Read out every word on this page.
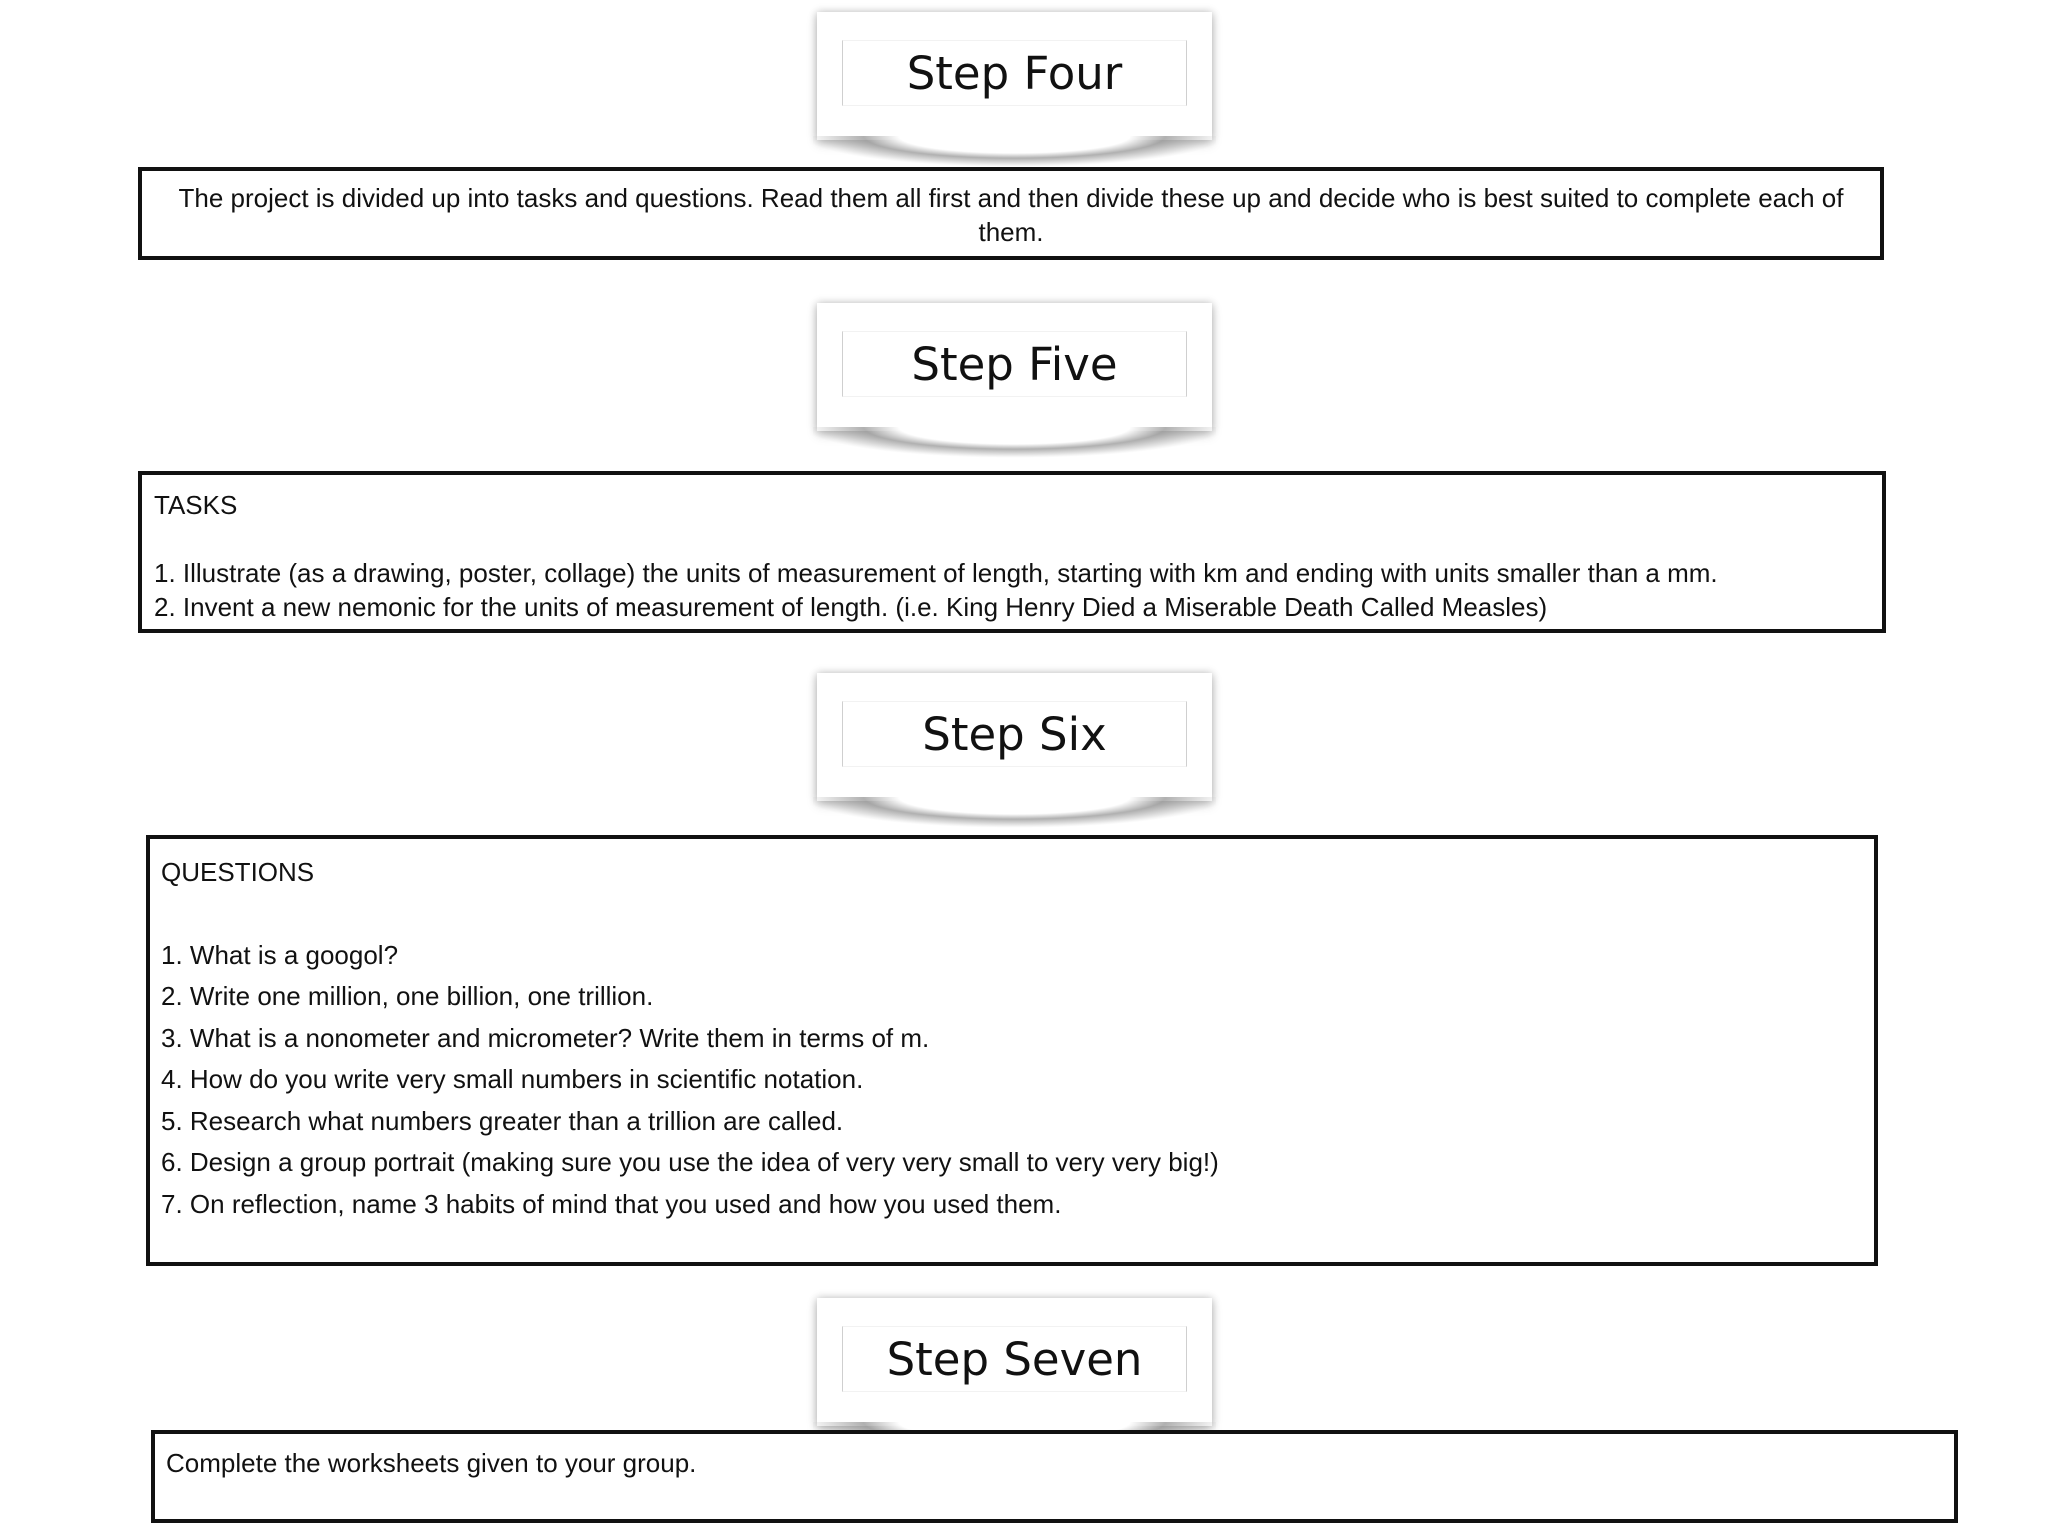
Step Four

The project is divided up into tasks and questions. Read them all first and then divide these up and decide who is best suited to complete each of them.

Step Five
TASKS
1. Illustrate (as a drawing, poster, collage) the units of measurement of length, starting with km and ending with units smaller than a mm.
2. Invent a new nemonic for the units of measurement of length. (i.e. King Henry Died a Miserable Death Called Measles)
Step Six
QUESTIONS
1. What is a googol?
2. Write one million, one billion, one trillion.
3. What is a nonometer and micrometer? Write them in terms of m.
4. How do you write very small numbers in scientific notation.
5. Research what numbers greater than a trillion are called.
6. Design a group portrait (making sure you use the idea of very very small to very very big!)
7. On reflection, name 3 habits of mind that you used and how you used them.
Step Seven

Complete the worksheets given to your group.
